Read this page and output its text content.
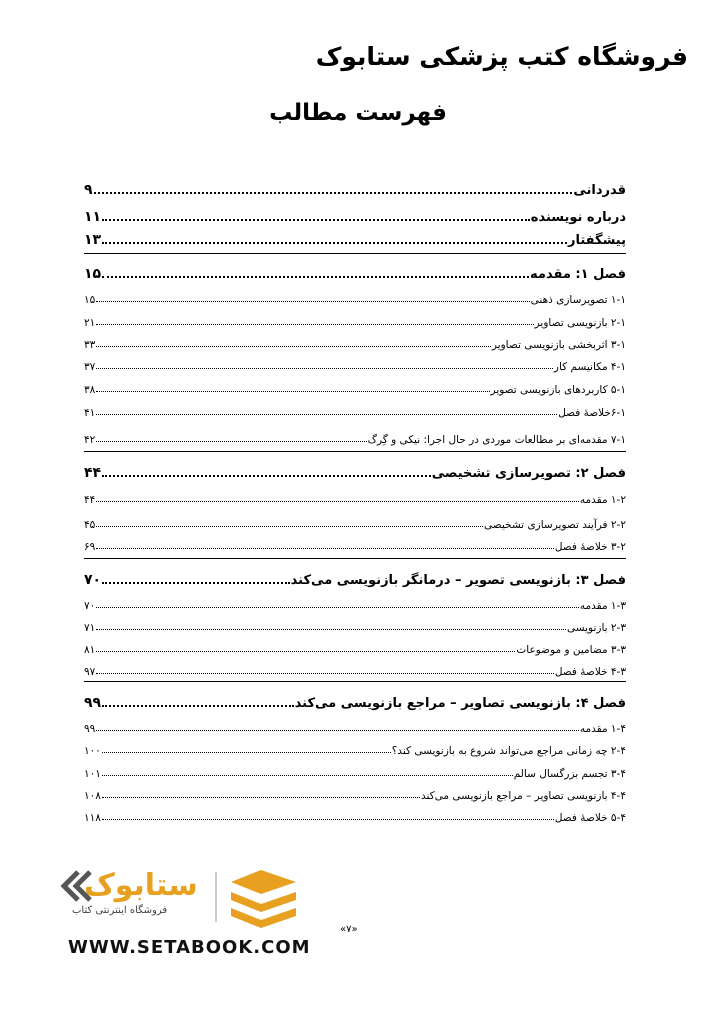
فروشگاه کتب پزشکی ستابوک
فهرست مطالب
قدردانی
۹
درباره نویسنده
۱۱
پیشگفتار
۱۳
فصل ۱: مقدمه
۱۵
۱-۱ تصویرسازی ذهنی
۱۵
۲-۱ بازنویسی تصاویر
۲۱
۳-۱ اثربخشی بازنویسی تصاویر
۳۳
۴-۱ مکانیسم کار
۳۷
۵-۱ کاربردهای بازنویسی تصویر
۳۸
۶-۱خلاصهٔ فصل
۴۱
۷-۱ مقدمه‌ای بر مطالعات موردی در حال اجرا: نیکی و گِرگ
۴۲
فصل ۲: تصویرسازی تشخیصی
۴۴
۱-۲ مقدمه
۴۴
۲-۲ فرآیند تصویرسازی تشخیصی
۴۵
۳-۲ خلاصهٔ فصل
۶۹
فصل ۳: بازنویسی تصویر – درمانگر بازنویسی می‌کند
۷۰
۱-۳ مقدمه
۷۰
۲-۳ بازنویسی
۷۱
۳-۳ مضامین و موضوعات
۸۱
۴-۳ خلاصهٔ فصل
۹۷
فصل ۴: بازنویسی تصاویر – مراجع بازنویسی می‌کند
۹۹
۱-۴ مقدمه
۹۹
۲-۴ چه زمانی مراجع می‌تواند شروع به بازنویسی کند؟
۱۰۰
۳-۴ تجسم بزرگسال سالم
۱۰۱
۴-۴ بازنویسی تصاویر – مراجع بازنویسی می‌کند
۱۰۸
۵-۴ خلاصهٔ فصل
۱۱۸
ستابوک
فروشگاه اینترنتی کتاب
WWW.SETABOOK.COM
«۷»
